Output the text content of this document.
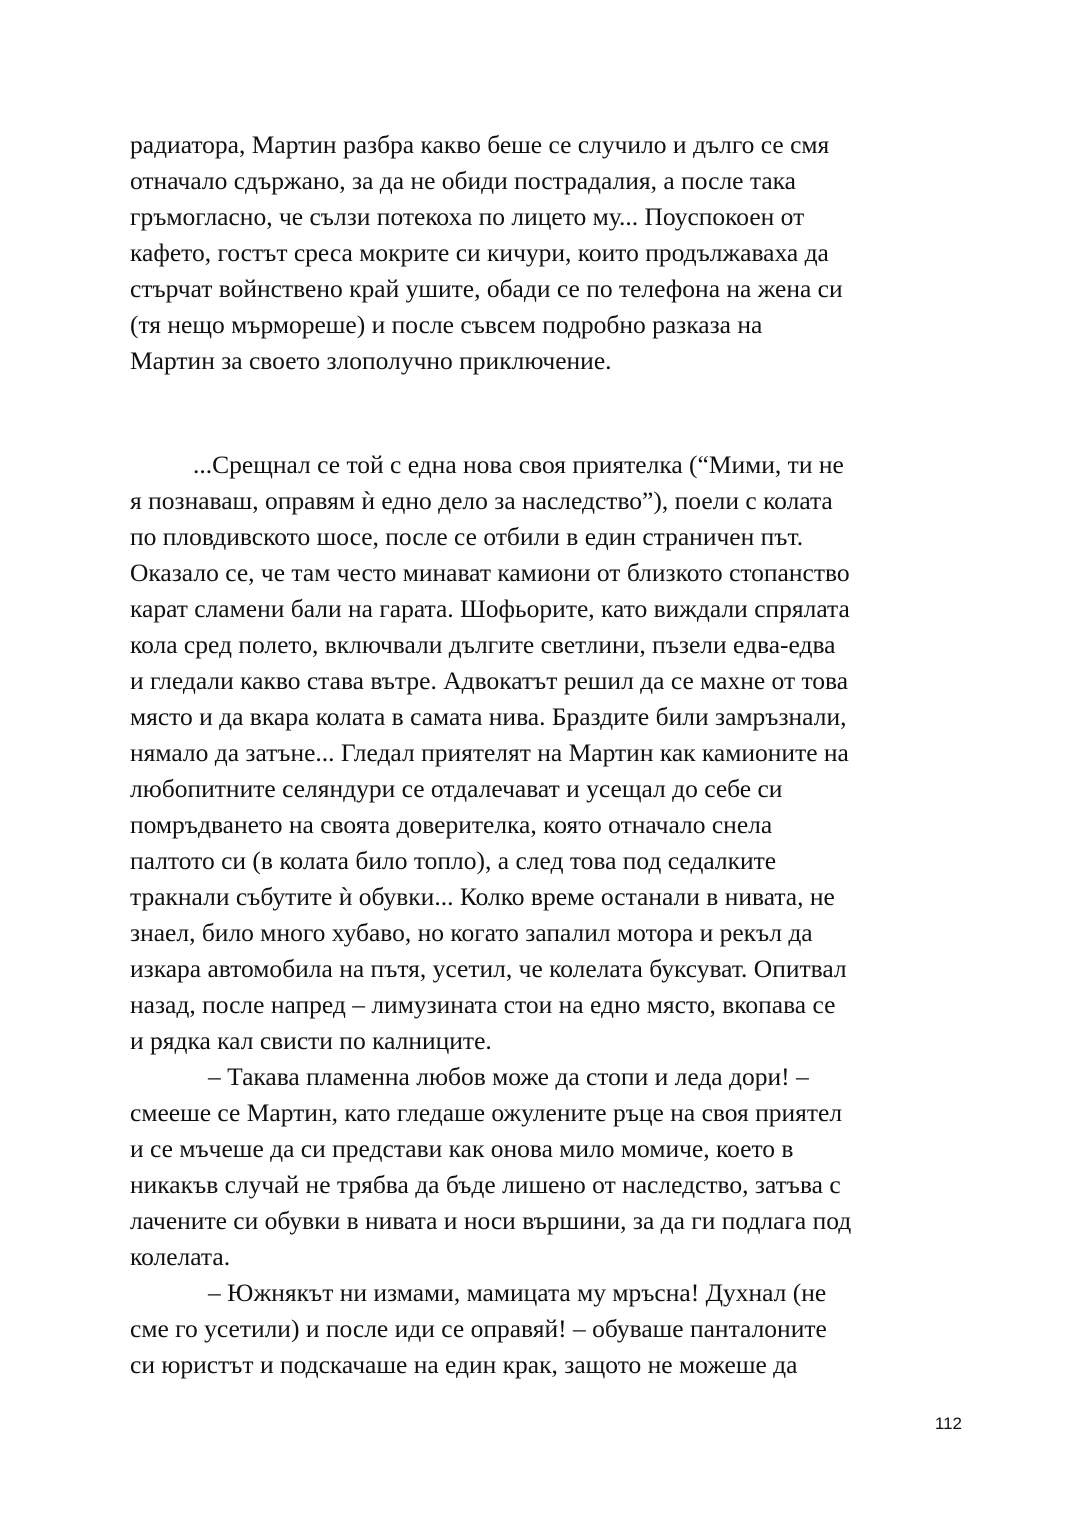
радиатора, Мартин разбра какво беше се случило и дълго се смя
отначало сдържано, за да не обиди пострадалия, а после така
гръмогласно, че сълзи потекоха по лицето му... Поуспокоен от
кафето, гостът среса мокрите си кичури, които продължаваха да
стърчат войнствено край ушите, обади се по телефона на жена си
(тя нещо мърмореше) и после съвсем подробно разказа на
Мартин за своето злополучно приключение.
...Срещнал се той с една нова своя приятелка (“Мими, ти не
я познаваш, оправям ѝ едно дело за наследство”), поели с колата
по пловдивското шосе, после се отбили в един страничен път.
Оказало се, че там често минават камиони от близкото стопанство
карат сламени бали на гарата. Шофьорите, като виждали спрялата
кола сред полето, включвали дългите светлини, пъзели едва-едва
и гледали какво става вътре. Адвокатът решил да се махне от това
място и да вкара колата в самата нива. Браздите били замръзнали,
нямало да затъне... Гледал приятелят на Мартин как камионите на
любопитните селяндури се отдалечават и усещал до себе си
помръдването на своята доверителка, която отначало снела
палтото си (в колата било топло), а след това под седалките
тракнали събутите ѝ обувки... Колко време останали в нивата, не
знаел, било много хубаво, но когато запалил мотора и рекъл да
изкара автомобила на пътя, усетил, че колелата буксуват. Опитвал
назад, после напред – лимузината стои на едно място, вкопава се
и рядка кал свисти по калниците.
– Такава пламенна любов може да стопи и леда дори! –
смееше се Мартин, като гледаше ожулените ръце на своя приятел
и се мъчеше да си представи как онова мило момиче, което в
никакъв случай не трябва да бъде лишено от наследство, затъва с
лачените си обувки в нивата и носи вършини, за да ги подлага под
колелата.
– Южнякът ни измами, мамицата му мръсна! Духнал (не
сме го усетили) и после иди се оправяй! – обуваше панталоните
си юристът и подскачаше на един крак, защото не можеше да
112
